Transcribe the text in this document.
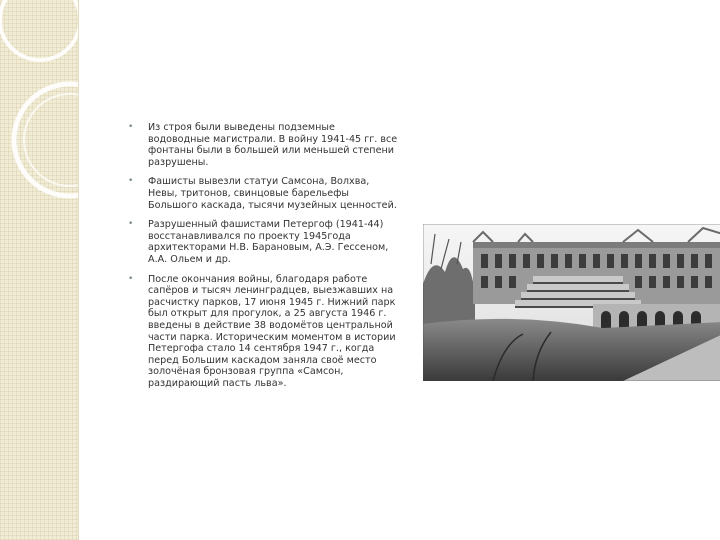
• Из строя были выведены подземные водоводные магистрали. В войну 1941-45 гг. все фонтаны были в большей или меньшей степени разрушены.
• Фашисты вывезли статуи Самсона, Волхва, Невы, тритонов, свинцовые барельефы Большого каскада, тысячи музейных ценностей.
• Разрушенный фашистами Петергоф (1941-44) восстанавливался по проекту 1945года архитекторами Н.В. Барановым, А.Э. Гессеном, А.А. Ольем и др.
• После окончания войны, благодаря работе сапёров и тысяч ленинградцев, выезжавших на расчистку парков, 17 июня 1945 г. Нижний парк был открыт для прогулок, а 25 августа 1946 г. введены в действие 38 водомётов центральной части парка. Историческим моментом в истории Петергофа стало 14 сентября 1947 г., когда перед Большим каскадом заняла своё место золочёная бронзовая группа «Самсон, раздирающий пасть льва».
